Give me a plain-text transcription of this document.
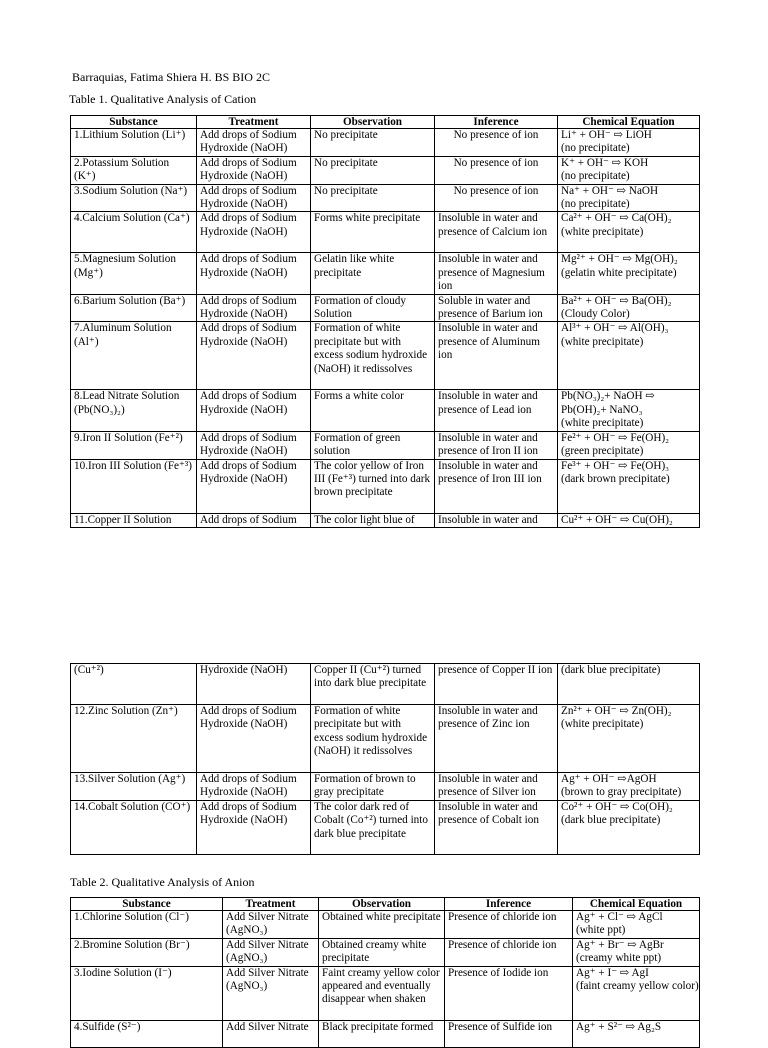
Barraquias, Fatima Shiera H. BS BIO 2C
Table 1. Qualitative Analysis of Cation
Substance	Treatment	Observation	Inference	Chemical Equation
1.Lithium Solution (Li⁺)	Add drops of Sodium Hydroxide (NaOH)	No precipitate	No presence of ion	Li⁺ + OH⁻ ⇨ LiOH
(no precipitate)
2.Potassium Solution (K⁺)	Add drops of Sodium Hydroxide (NaOH)	No precipitate	No presence of ion	K⁺ + OH⁻ ⇨ KOH
(no precipitate)
3.Sodium Solution (Na⁺)	Add drops of Sodium Hydroxide (NaOH)	No precipitate	No presence of ion	Na⁺ + OH⁻ ⇨ NaOH
(no precipitate)
4.Calcium Solution (Ca⁺)	Add drops of Sodium Hydroxide (NaOH)	Forms white precipitate	Insoluble in water and presence of Calcium ion	Ca²⁺ + OH⁻ ⇨ Ca(OH)₂
(white precipitate)
5.Magnesium Solution (Mg⁺)	Add drops of Sodium Hydroxide (NaOH)	Gelatin like white precipitate	Insoluble in water and presence of Magnesium ion	Mg²⁺ + OH⁻ ⇨ Mg(OH)₂
(gelatin white precipitate)
6.Barium Solution (Ba⁺)	Add drops of Sodium Hydroxide (NaOH)	Formation of cloudy Solution	Soluble in water and presence of Barium ion	Ba²⁺ + OH⁻ ⇨ Ba(OH)₂
(Cloudy Color)
7.Aluminum Solution (Al⁺)	Add drops of Sodium Hydroxide (NaOH)	Formation of white precipitate but with excess sodium hydroxide (NaOH) it redissolves	Insoluble in water and presence of Aluminum ion	Al³⁺ + OH⁻ ⇨ Al(OH)₃
(white precipitate)
8.Lead Nitrate Solution (Pb(NO₃)₂)	Add drops of Sodium Hydroxide (NaOH)	Forms a white color	Insoluble in water and presence of Lead ion	Pb(NO₃)₂+ NaOH ⇨
Pb(OH)₂+ NaNO₃
(white precipitate)
9.Iron II Solution (Fe⁺²)	Add drops of Sodium Hydroxide (NaOH)	Formation of green solution	Insoluble in water and presence of Iron II ion	Fe²⁺ + OH⁻ ⇨ Fe(OH)₂
(green precipitate)
10.Iron III Solution (Fe⁺³)	Add drops of Sodium Hydroxide (NaOH)	The color yellow of Iron III (Fe⁺³) turned into dark brown precipitate	Insoluble in water and presence of Iron III ion	Fe³⁺ + OH⁻ ⇨ Fe(OH)₃
(dark brown precipitate)
11.Copper II Solution	Add drops of Sodium	The color light blue of	Insoluble in water and	Cu²⁺ + OH⁻ ⇨ Cu(OH)₂
(Cu⁺²)	Hydroxide (NaOH)	Copper II (Cu⁺²) turned into dark blue precipitate	presence of Copper II ion	(dark blue precipitate)
12.Zinc Solution (Zn⁺)	Add drops of Sodium Hydroxide (NaOH)	Formation of white precipitate but with excess sodium hydroxide (NaOH) it redissolves	Insoluble in water and presence of Zinc ion	Zn²⁺ + OH⁻ ⇨ Zn(OH)₂
(white precipitate)
13.Silver Solution (Ag⁺)	Add drops of Sodium Hydroxide (NaOH)	Formation of brown to gray precipitate	Insoluble in water and presence of Silver ion	Ag⁺ + OH⁻ ⇨AgOH
(brown to gray precipitate)
14.Cobalt Solution (CO⁺)	Add drops of Sodium Hydroxide (NaOH)	The color dark red of Cobalt (Co⁺²) turned into dark blue precipitate	Insoluble in water and presence of Cobalt ion	Co²⁺ + OH⁻ ⇨ Co(OH)₂
(dark blue precipitate)
Table 2. Qualitative Analysis of Anion
Substance	Treatment	Observation	Inference	Chemical Equation
1.Chlorine Solution (Cl⁻)	Add Silver Nitrate (AgNO₃)	Obtained white precipitate	Presence of chloride ion	Ag⁺ + Cl⁻ ⇨ AgCl
(white ppt)
2.Bromine Solution (Br⁻)	Add Silver Nitrate (AgNO₃)	Obtained creamy white precipitate	Presence of chloride ion	Ag⁺ + Br⁻ ⇨ AgBr
(creamy white ppt)
3.Iodine Solution (I⁻)	Add Silver Nitrate (AgNO₃)	Faint creamy yellow color appeared and eventually disappear when shaken	Presence of Iodide ion	Ag⁺ + I⁻ ⇨ AgI
(faint creamy yellow color)
4.Sulfide (S²⁻)	Add Silver Nitrate	Black precipitate formed	Presence of Sulfide ion	Ag⁺ + S²⁻ ⇨ Ag₂S
